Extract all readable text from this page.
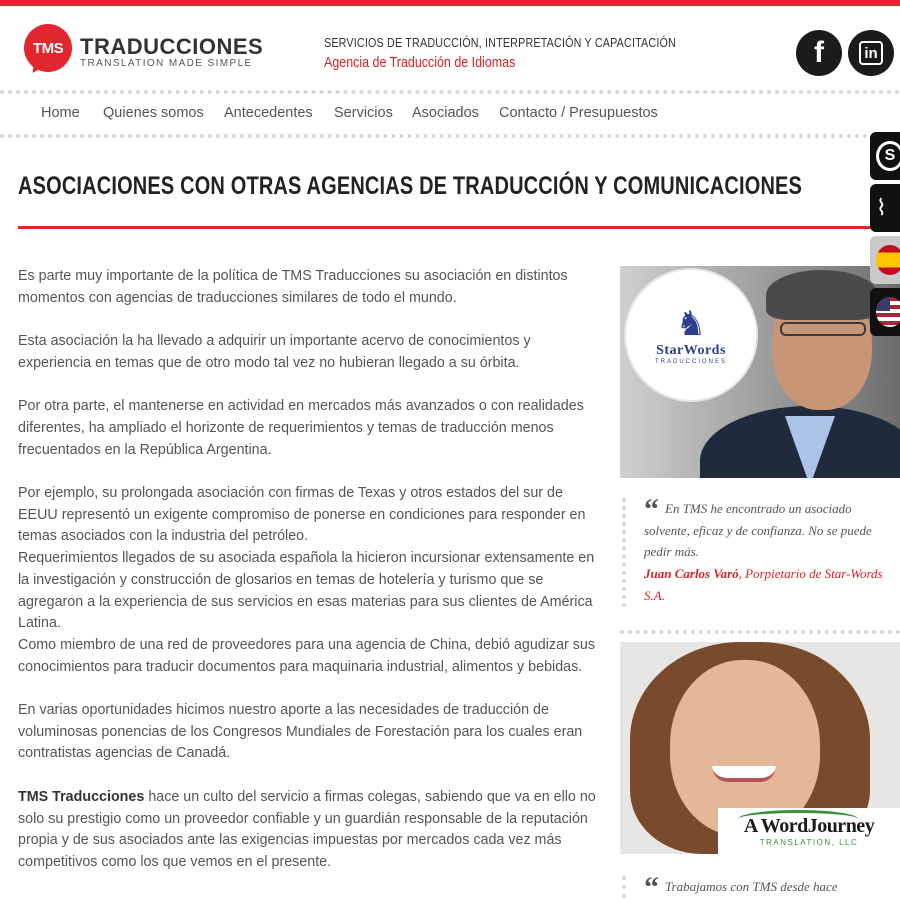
TMS TRADUCCIONES
TRANSLATION MADE SIMPLE
SERVICIOS DE TRADUCCIÓN, INTERPRETACIÓN Y CAPACITACIÓN
Agencia de Traducción de Idiomas	f	in
Home Quienes somos Antecedentes Servicios Asociados Contacto / Presupuestos
ASOCIACIONES CON OTRAS AGENCIAS DE TRADUCCIÓN Y COMUNICACIONES

Es parte muy importante de la política de TMS Traducciones su asociación en distintos momentos con agencias de traducciones similares de todo el mundo.

Esta asociación la ha llevado a adquirir un importante acervo de conocimientos y experiencia en temas que de otro modo tal vez no hubieran llegado a su órbita.

Por otra parte, el mantenerse en actividad en mercados más avanzados o con realidades diferentes, ha ampliado el horizonte de requerimientos y temas de traducción menos frecuentados en la República Argentina.

Por ejemplo, su prolongada asociación con firmas de Texas y otros estados del sur de EEUU representó un exigente compromiso de ponerse en condiciones para responder en temas asociados con la industria del petróleo.

Requerimientos llegados de su asociada española la hicieron incursionar extensamente en la investigación y construcción de glosarios en temas de hotelería y turismo que se agregaron a la experiencia de sus servicios en esas materias para sus clientes de América Latina.

Como miembro de una red de proveedores para una agencia de China, debió agudizar sus conocimientos para traducir documentos para maquinaria industrial, alimentos y bebidas.

En varias oportunidades hicimos nuestro aporte a las necesidades de traducción de voluminosas ponencias de los Congresos Mundiales de Forestación para los cuales eran contratistas agencias de Canadá.

TMS Traducciones hace un culto del servicio a firmas colegas, sabiendo que va en ello no solo su prestigio como un proveedor confiable y un guardián responsable de la reputación propia y de sus asociados ante las exigencias impuestas por mercados cada vez más competitivos como los que vemos en el presente.

♞
StarWords
TRADUCCIONES
“ En TMS he encontrado un asociado solvente, eficaz y de confianza. No se puede pedir más.
Juan Carlos Varó, Porpietario de Star-Words S.A.
A WordJourney
TRANSLATION, LLC
“ Trabajamos con TMS desde hace
S
⌇
